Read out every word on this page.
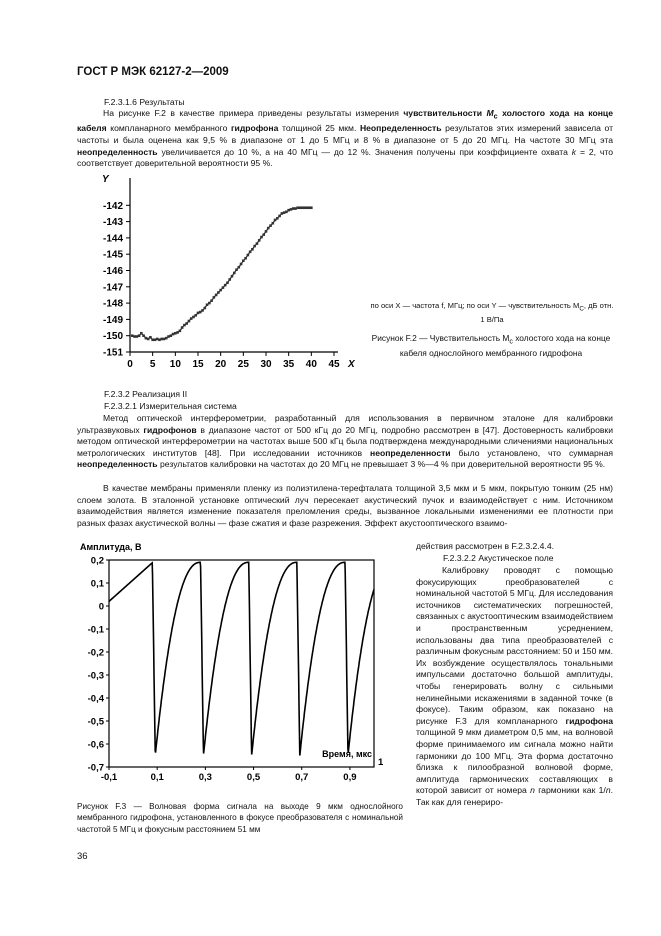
ГОСТ Р МЭК 62127-2—2009
F.2.3.1.6 Результаты
На рисунке F.2 в качестве примера приведены результаты измерения чувствительности $M_c$ холостого хода на конце кабеля компланарного мембранного гидрофона толщиной 25 мкм. Неопределенность результатов этих измерений зависела от частоты и была оценена как 9,5 % в диапазоне от 1 до 5 МГц и 8 % в диапазоне от 5 до 20 МГц. На частоте 30 МГц эта неопределенность увеличивается до 10 %, а на 40 МГц — до 12 %. Значения получены при коэффициенте охвата k = 2, что соответствует доверительной вероятности 95 %.
0 5 10 15 20 25 30 35 40 45
-151
-150
-149
-148
-147
-146
-145
-144
-143
-142
X
Y
по оси X — частота f, МГц; по оси Y — чувствительность $M_C$, дБ отн. 1 В/Па
Рисунок F.2 — Чувствительность $M_c$ холостого хода на конце кабеля однослойного мембранного гидрофона
F.2.3.2 Реализация II
F.2.3.2.1 Измерительная система
Метод оптической интерферометрии, разработанный для использования в первичном эталоне для калибровки ультразвуковых гидрофонов в диапазоне частот от 500 кГц до 20 МГц, подробно рассмотрен в [47]. Достоверность калибровки методом оптической интерферометрии на частотах выше 500 кГц была подтверждена международными сличениями национальных метрологических институтов [48]. При исследовании источников неопределенности было установлено, что суммарная неопределенность результатов калибровки на частотах до 20 МГц не превышает 3 %—4 % при доверительной вероятности 95 %.
В качестве мембраны применяли пленку из полиэтилена-терефталата толщиной 3,5 мкм и 5 мкм, покрытую тонким (25 нм) слоем золота. В эталонной установке оптический луч пересекает акустический пучок и взаимодействует с ним. Источником взаимодействия является изменение показателя преломления среды, вызванное локальными изменениями ее плотности при разных фазах акустической волны — фазе сжатия и фазе разрежения. Эффект акустооптического взаимо-
действия рассмотрен в F.2.3.2.4.4.
F.2.3.2.2 Акустическое поле
Калибровку проводят с помощью фокусирующих преобразователей с номинальной частотой 5 МГц. Для исследования источников систематических погрешностей, связанных с акустооптическим взаимодействием и пространственным усреднением, использованы два типа преобразователей с различным фокусным расстоянием: 50 и 150 мм. Их возбуждение осуществлялось тональными импульсами достаточно большой амплитуды, чтобы генерировать волну с сильными нелинейными искажениями в заданной точке (в фокусе). Таким образом, как показано на рисунке F.3 для компланарного гидрофона толщиной 9 мкм диаметром 0,5 мм, на волновой форме принимаемого им сигнала можно найти гармоники до 100 МГц. Эта форма достаточно близка к пилообразной волновой форме, амплитуда гармонических составляющих в которой зависит от номера n гармоники как 1/n. Так как для генериро-
-0,7
-0,6
-0,5
-0,4
-0,3
-0,2
-0,1
0
0,1
0,2
-0,1	0,1	0,3	0,5	0,7	0,9
1
Время, мкс
Амплитуда, В
Рисунок F.3 — Волновая форма сигнала на выходе 9 мкм однослойного мембранного гидрофона, установленного в фокусе преобразователя с номинальной частотой 5 МГц и фокусным расстоянием 51 мм
36
